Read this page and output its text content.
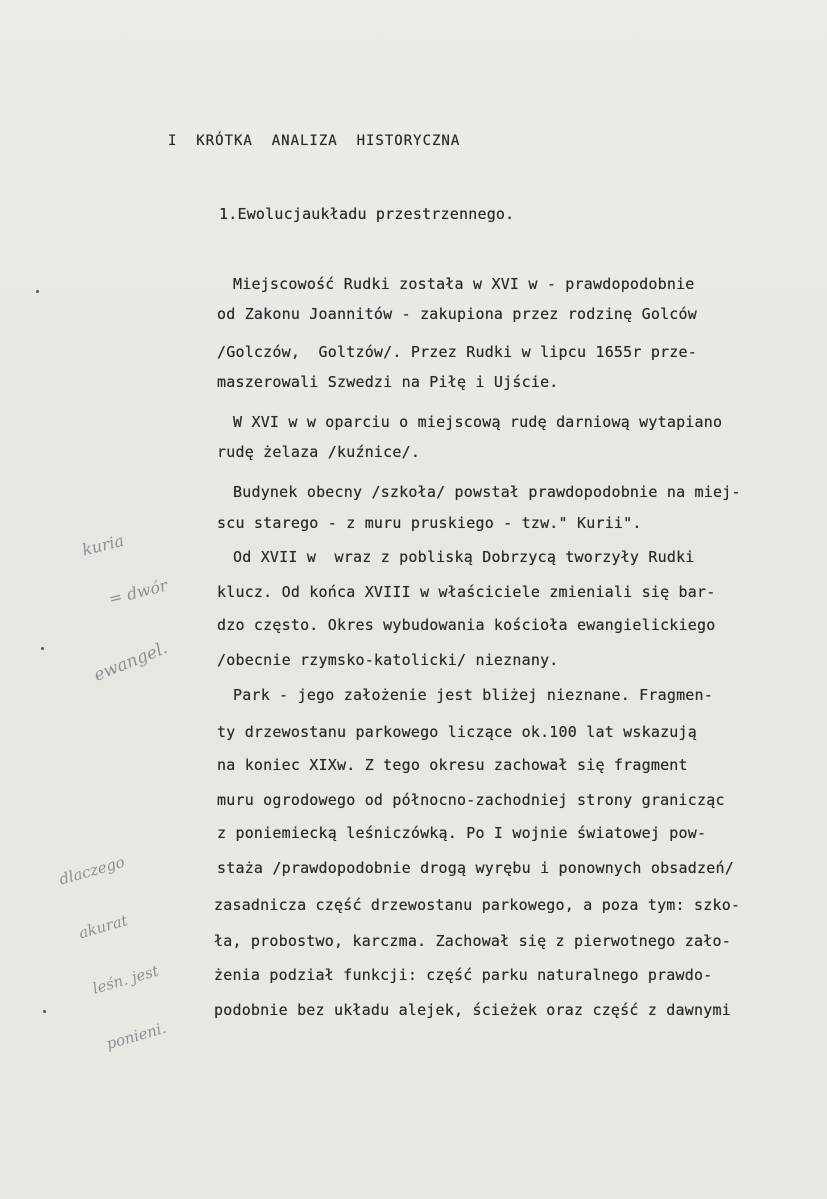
I  KRÓTKA  ANALIZA  HISTORYCZNA
1.Ewolucjaukładu przestrzennego.
Miejscowość Rudki została w XVI w - prawdopodobnie
od Zakonu Joannitów - zakupiona przez rodzinę Golców
/Golczów,  Goltzów/. Przez Rudki w lipcu 1655r prze-
maszerowali Szwedzi na Piłę i Ujście.
W XVI w w oparciu o miejscową rudę darniową wytapiano
rudę żelaza /kuźnice/.
Budynek obecny /szkoła/ powstał prawdopodobnie na miej-
scu starego - z muru pruskiego - tzw." Kurii".
Od XVII w  wraz z pobliską Dobrzycą tworzyły Rudki
klucz. Od końca XVIII w właściciele zmieniali się bar-
dzo często. Okres wybudowania kościoła ewangielickiego
/obecnie rzymsko-katolicki/ nieznany.
Park - jego założenie jest bliżej nieznane. Fragmen-
ty drzewostanu parkowego liczące ok.100 lat wskazują
na koniec XIXw. Z tego okresu zachował się fragment
muru ogrodowego od północno-zachodniej strony granicząc
z poniemiecką leśniczówką. Po I wojnie światowej pow-
staża /prawdopodobnie drogą wyrębu i ponownych obsadzeń/
zasadnicza część drzewostanu parkowego, a poza tym: szko-
ła, probostwo, karczma. Zachował się z pierwotnego zało-
żenia podział funkcji: część parku naturalnego prawdo-
podobnie bez układu alejek, ścieżek oraz część z dawnymi

kuria

= dwór

ewangel.

dlaczego

akurat

leśn. jest

ponieni.
